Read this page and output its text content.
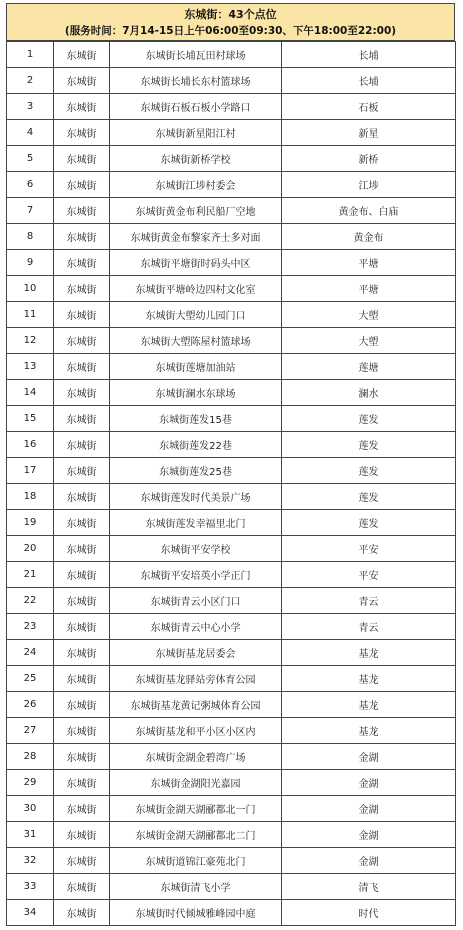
东城街：43个点位
(服务时间：7月14-15日上午06:00至09:30、下午18:00至22:00)
1	东城街	东城街长埔瓦田村球场	长埔
2	东城街	东城街长埔长东村篮球场	长埔
3	东城街	东城街石板石板小学路口	石板
4	东城街	东城街新星阳江村	新星
5	东城街	东城街新桥学校	新桥
6	东城街	东城街江埗村委会	江埗
7	东城街	东城街黄金布利民船厂空地	黄金布、白庙
8	东城街	东城街黄金布黎家齐士多对面	黄金布
9	东城街	东城街平塘街时码头中区	平塘
10	东城街	东城街平塘岭边四村文化室	平塘
11	东城街	东城街大塱幼儿园门口	大塱
12	东城街	东城街大塱陈屋村篮球场	大塱
13	东城街	东城街莲塘加油站	莲塘
14	东城街	东城街澜水东球场	澜水
15	东城街	东城街莲发15巷	莲发
16	东城街	东城街莲发22巷	莲发
17	东城街	东城街莲发25巷	莲发
18	东城街	东城街莲发时代美景广场	莲发
19	东城街	东城街莲发幸福里北门	莲发
20	东城街	东城街平安学校	平安
21	东城街	东城街平安培英小学正门	平安
22	东城街	东城街青云小区门口	青云
23	东城街	东城街青云中心小学	青云
24	东城街	东城街基龙居委会	基龙
25	东城街	东城街基龙驿站旁体育公园	基龙
26	东城街	东城街基龙黄记粥城体育公园	基龙
27	东城街	东城街基龙和平小区小区内	基龙
28	东城街	东城街金湖金碧湾广场	金湖
29	东城街	东城街金湖阳光嘉园	金湖
30	东城街	东城街金湖天湖郦都北一门	金湖
31	东城街	东城街金湖天湖郦都北二门	金湖
32	东城街	东城街道锦江豪苑北门	金湖
33	东城街	东城街清飞小学	清飞
34	东城街	东城街时代倾城雅峰园中庭	时代
